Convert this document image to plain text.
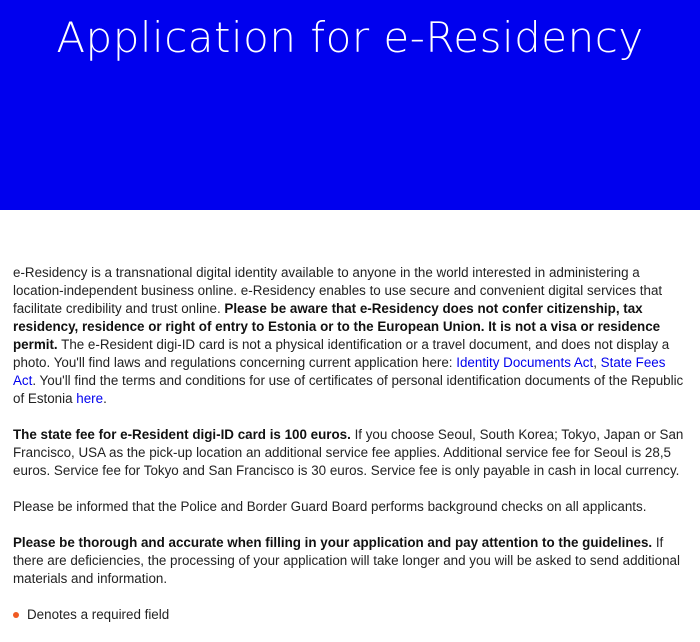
Application for e-Residency

e-Residency is a transnational digital identity available to anyone in the world interested in administering a location-independent business online. e-Residency enables to use secure and convenient digital services that facilitate credibility and trust online. Please be aware that e-Residency does not confer citizenship, tax residency, residence or right of entry to Estonia or to the European Union. It is not a visa or residence permit. The e-Resident digi-ID card is not a physical identification or a travel document, and does not display a photo. You'll find laws and regulations concerning current application here: Identity Documents Act, State Fees Act. You'll find the terms and conditions for use of certificates of personal identification documents of the Republic of Estonia here.

The state fee for e-Resident digi-ID card is 100 euros. If you choose Seoul, South Korea; Tokyo, Japan or San Francisco, USA as the pick-up location an additional service fee applies. Additional service fee for Seoul is 28,5 euros. Service fee for Tokyo and San Francisco is 30 euros. Service fee is only payable in cash in local currency.

Please be informed that the Police and Border Guard Board performs background checks on all applicants.

Please be thorough and accurate when filling in your application and pay attention to the guidelines. If there are deficiencies, the processing of your application will take longer and you will be asked to send additional materials and information.

Denotes a required field
